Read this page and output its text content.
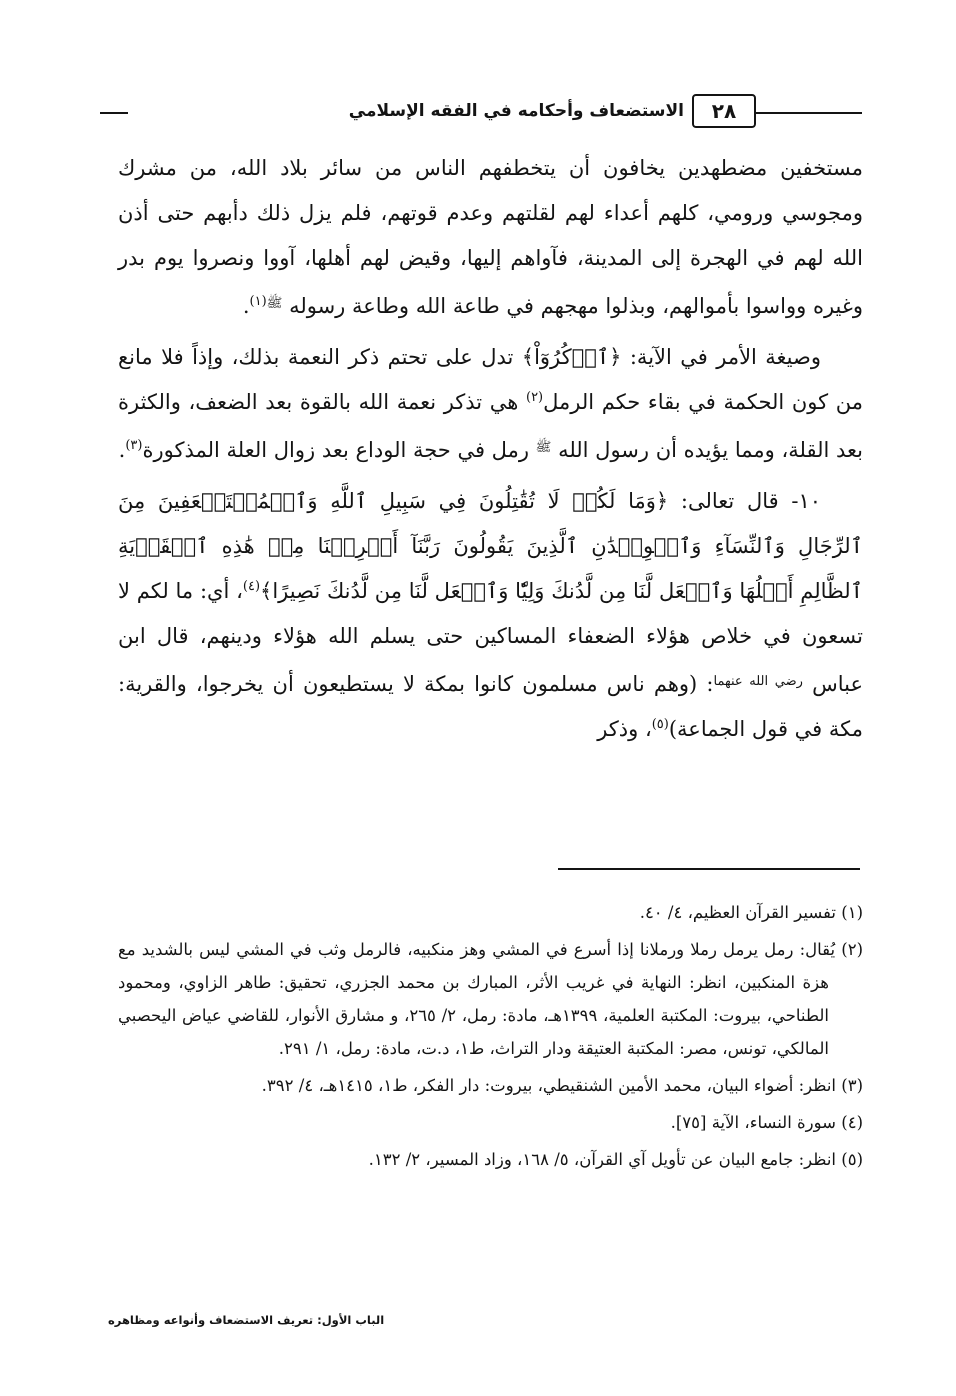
٢٨
الاستضعاف وأحكامه في الفقه الإسلامي

مستخفين مضطهدين يخافون أن يتخطفهم الناس من سائر بلاد الله، من مشرك ومجوسي ورومي، كلهم أعداء لهم لقلتهم وعدم قوتهم، فلم يزل ذلك دأبهم حتى أذن الله لهم في الهجرة إلى المدينة، فآواهم إليها، وقيض لهم أهلها، آووا ونصروا يوم بدر وغيره وواسوا بأموالهم، وبذلوا مهجهم في طاعة الله وطاعة رسوله $^{ﷺ(١)}$.

وصيغة الأمر في الآية: ﴿ٱذۡكُرُوٓاْ﴾ تدل على تحتم ذكر النعمة بذلك، وإذاً فلا مانع من كون الحكمة في بقاء حكم الرمل$^{(٢)}$ هي تذكر نعمة الله بالقوة بعد الضعف، والكثرة بعد القلة، ومما يؤيده أن رسول الله $^ﷺ$ رمل في حجة الوداع بعد زوال العلة المذكورة$^{(٣)}$.

١٠- قال تعالى: ﴿وَمَا لَكُمۡ لَا تُقَٰتِلُونَ فِي سَبِيلِ ٱللَّهِ وَٱلۡمُسۡتَضۡعَفِينَ مِنَ ٱلرِّجَالِ وَٱلنِّسَآءِ وَٱلۡوِلۡدَٰنِ ٱلَّذِينَ يَقُولُونَ رَبَّنَآ أَخۡرِجۡنَا مِنۡ هَٰذِهِ ٱلۡقَرۡيَةِ ٱلظَّالِمِ أَهۡلُهَا وَٱجۡعَل لَّنَا مِن لَّدُنكَ وَلِيّٗا وَٱجۡعَل لَّنَا مِن لَّدُنكَ نَصِيرًا﴾$^{(٤)}$، أي: ما لكم لا تسعون في خلاص هؤلاء الضعفاء المساكين حتى يسلم الله هؤلاء ودينهم، قال ابن عباس $^{رضي الله عنهما}$: (وهم ناس مسلمون كانوا بمكة لا يستطيعون أن يخرجوا، والقرية: مكة في قول الجماعة)$^{(٥)}$، وذكر

(١) تفسير القرآن العظيم، ٤/ ٤٠.

(٢) يُقال: رمل يرمل رملا ورملانا إذا أسرع في المشي وهز منكبيه، فالرمل وثب في المشي ليس بالشديد مع هزة المنكبين، انظر: النهاية في غريب الأثر، المبارك بن محمد الجزري، تحقيق: طاهر الزاوي، ومحمود الطناحي، بيروت: المكتبة العلمية، ١٣٩٩هـ، مادة: رمل، ٢/ ٢٦٥، و مشارق الأنوار، للقاضي عياض اليحصبي المالكي، تونس، مصر: المكتبة العتيقة ودار التراث، ط١، د.ت، مادة: رمل، ١/ ٢٩١.

(٣) انظر: أضواء البيان، محمد الأمين الشنقيطي، بيروت: دار الفكر، ط١، ١٤١٥هـ، ٤/ ٣٩٢.

(٤) سورة النساء، الآية [٧٥].

(٥) انظر: جامع البيان عن تأويل آي القرآن، ٥/ ١٦٨، وزاد المسير، ٢/ ١٣٢.

الباب الأول: تعريف الاستضعاف وأنواعه ومظاهره
